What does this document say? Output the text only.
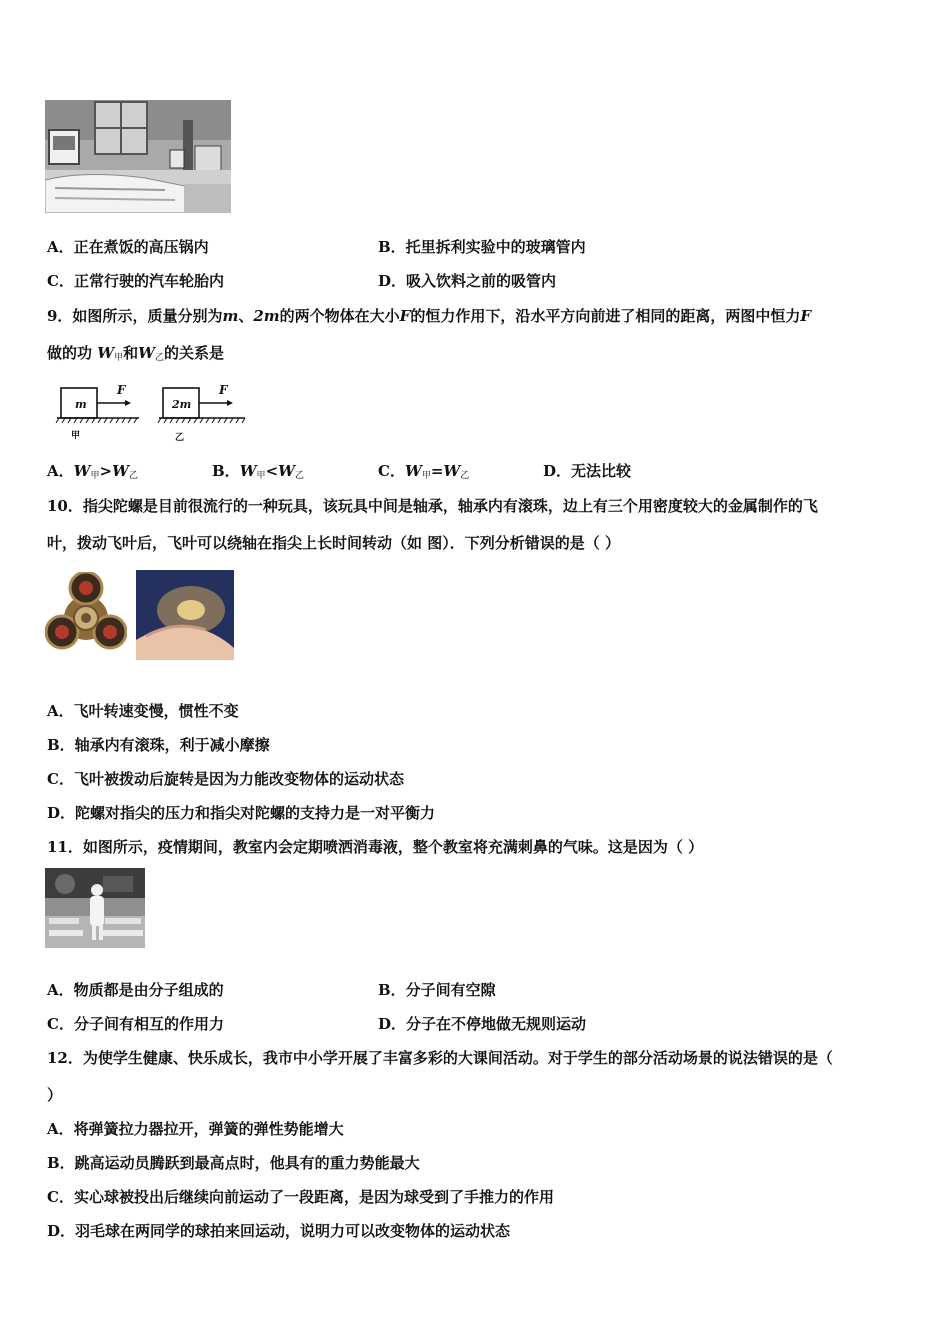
A．正在煮饭的高压锅内	B．托里拆利实验中的玻璃管内
C．正常行驶的汽车轮胎内	D．吸入饮料之前的吸管内
9．如图所示，质量分别为m、2m的两个物体在大小F的恒力作用下，沿水平方向前进了相同的距离，两图中恒力F
做的功 $W_甲$和$W_乙$的关系是
m
F
甲
2m
F
乙
A．$W_甲>W_乙$	B．$W_甲<W_乙$	C．$W_甲=W_乙$	D．无法比较
10．指尖陀螺是目前很流行的一种玩具，该玩具中间是轴承，轴承内有滚珠，边上有三个用密度较大的金属制作的飞
叶，拨动飞叶后，飞叶可以绕轴在指尖上长时间转动（如 图）．下列分析错误的是（ ）
A．飞叶转速变慢，惯性不变
B．轴承内有滚珠，利于减小摩擦
C．飞叶被拨动后旋转是因为力能改变物体的运动状态
D．陀螺对指尖的压力和指尖对陀螺的支持力是一对平衡力
11．如图所示，疫情期间，教室内会定期喷洒消毒液，整个教室将充满刺鼻的气味。这是因为（ ）
A．物质都是由分子组成的	B．分子间有空隙
C．分子间有相互的作用力	D．分子在不停地做无规则运动
12．为使学生健康、快乐成长，我市中小学开展了丰富多彩的大课间活动。对于学生的部分活动场景的说法错误的是（
）
A．将弹簧拉力器拉开，弹簧的弹性势能增大
B．跳高运动员腾跃到最高点时，他具有的重力势能最大
C．实心球被投出后继续向前运动了一段距离，是因为球受到了手推力的作用
D．羽毛球在两同学的球拍来回运动，说明力可以改变物体的运动状态
